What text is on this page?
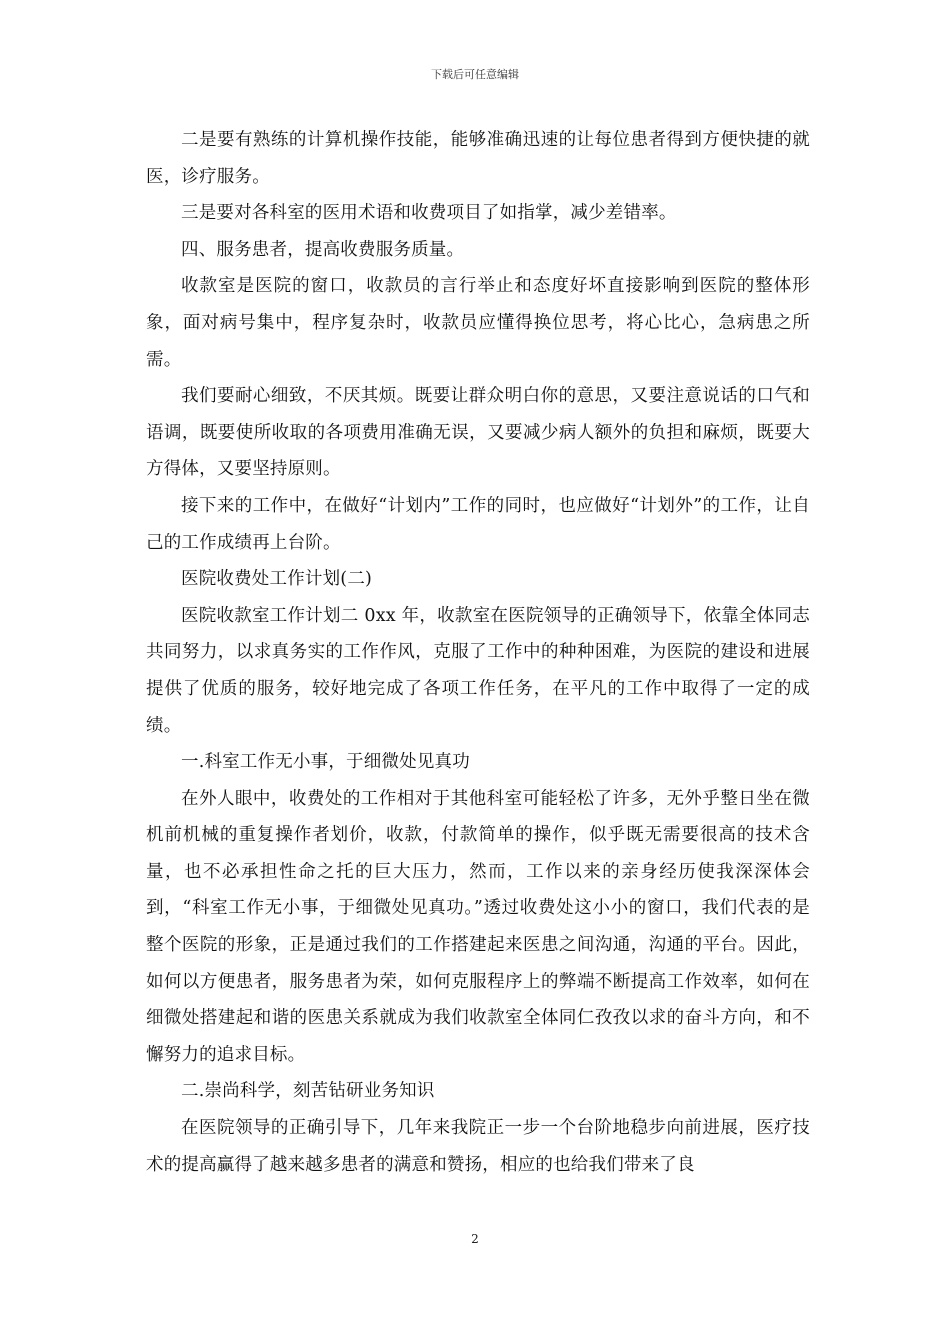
下载后可任意编辑

二是要有熟练的计算机操作技能，能够准确迅速的让每位患者得到方便快捷的就医，诊疗服务。

三是要对各科室的医用术语和收费项目了如指掌，减少差错率。

四、服务患者，提高收费服务质量。

收款室是医院的窗口，收款员的言行举止和态度好坏直接影响到医院的整体形象，面对病号集中，程序复杂时，收款员应懂得换位思考，将心比心，急病患之所需。

我们要耐心细致，不厌其烦。既要让群众明白你的意思，又要注意说话的口气和语调，既要使所收取的各项费用准确无误，又要减少病人额外的负担和麻烦，既要大方得体，又要坚持原则。

接下来的工作中，在做好“计划内”工作的同时，也应做好“计划外”的工作，让自己的工作成绩再上台阶。

医院收费处工作计划(二)

医院收款室工作计划二 0xx 年，收款室在医院领导的正确领导下，依靠全体同志共同努力，以求真务实的工作作风，克服了工作中的种种困难，为医院的建设和进展提供了优质的服务，较好地完成了各项工作任务，在平凡的工作中取得了一定的成绩。

一.科室工作无小事，于细微处见真功

在外人眼中，收费处的工作相对于其他科室可能轻松了许多，无外乎整日坐在微机前机械的重复操作者划价，收款，付款简单的操作，似乎既无需要很高的技术含量，也不必承担性命之托的巨大压力，然而，工作以来的亲身经历使我深深体会到，“科室工作无小事，于细微处见真功。”透过收费处这小小的窗口，我们代表的是整个医院的形象，正是通过我们的工作搭建起来医患之间沟通，沟通的平台。因此，如何以方便患者，服务患者为荣，如何克服程序上的弊端不断提高工作效率，如何在细微处搭建起和谐的医患关系就成为我们收款室全体同仁孜孜以求的奋斗方向，和不懈努力的追求目标。

二.崇尚科学，刻苦钻研业务知识

在医院领导的正确引导下，几年来我院正一步一个台阶地稳步向前进展，医疗技术的提高赢得了越来越多患者的满意和赞扬，相应的也给我们带来了良

2
